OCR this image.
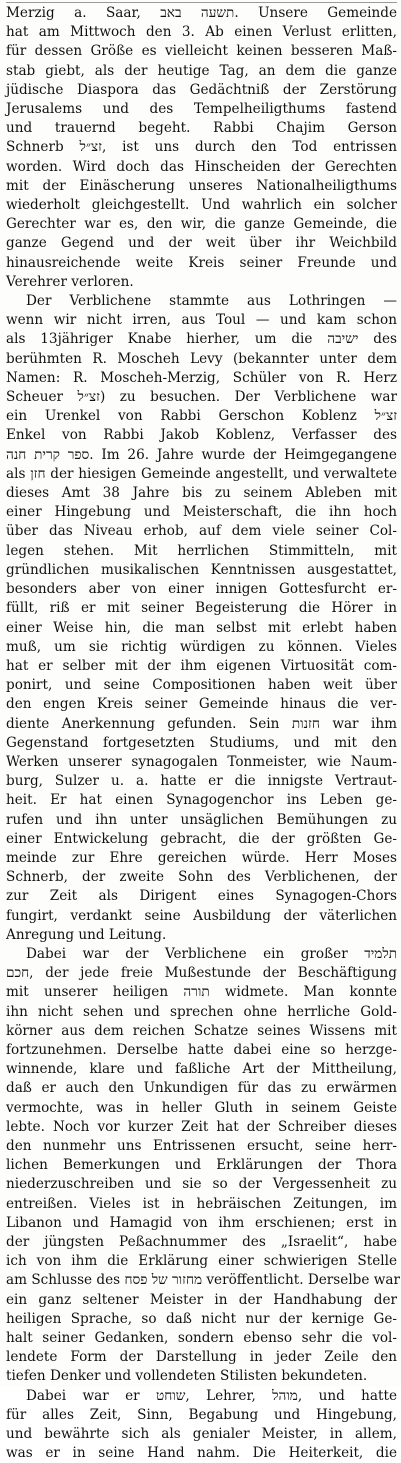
Merzig a. Saar, תשעה באב. Unsere Gemeinde
hat am Mittwoch den 3. Ab einen Verlust erlitten,
für dessen Größe es vielleicht keinen besseren Maß-
stab giebt, als der heutige Tag, an dem die ganze
jüdische Diaspora das Gedächtniß der Zerstörung
Jerusalems und des Tempelheiligthums fastend
und trauernd begeht. Rabbi Chajim Gerson
Schnerb זצ״ל, ist uns durch den Tod entrissen
worden. Wird doch das Hinscheiden der Gerechten
mit der Einäscherung unseres Nationalheiligthums
wiederholt gleichgestellt. Und wahrlich ein solcher
Gerechter war es, den wir, die ganze Gemeinde, die
ganze Gegend und der weit über ihr Weichbild
hinausreichende weite Kreis seiner Freunde und
Verehrer verloren.
Der Verblichene stammte aus Lothringen —
wenn wir nicht irren, aus Toul — und kam schon
als 13jähriger Knabe hierher, um die ישיבה des
berühmten R. Moscheh Levy (bekannter unter dem
Namen: R. Moscheh-Merzig, Schüler von R. Herz
Scheuer זצ״ל) zu besuchen. Der Verblichene war
ein Urenkel von Rabbi Gerschon Koblenz זצ״ל
Enkel von Rabbi Jakob Koblenz, Verfasser des
ספר קרית חנה. Im 26. Jahre wurde der Heimgegangene
als חזן der hiesigen Gemeinde angestellt, und verwaltete
dieses Amt 38 Jahre bis zu seinem Ableben mit
einer Hingebung und Meisterschaft, die ihn hoch
über das Niveau erhob, auf dem viele seiner Col-
legen stehen. Mit herrlichen Stimmitteln, mit
gründlichen musikalischen Kenntnissen ausgestattet,
besonders aber von einer innigen Gottesfurcht er-
füllt, riß er mit seiner Begeisterung die Hörer in
einer Weise hin, die man selbst mit erlebt haben
muß, um sie richtig würdigen zu können. Vieles
hat er selber mit der ihm eigenen Virtuosität com-
ponirt, und seine Compositionen haben weit über
den engen Kreis seiner Gemeinde hinaus die ver-
diente Anerkennung gefunden. Sein חזנות war ihm
Gegenstand fortgesetzten Studiums, und mit den
Werken unserer synagogalen Tonmeister, wie Naum-
burg, Sulzer u. a. hatte er die innigste Vertraut-
heit. Er hat einen Synagogenchor ins Leben ge-
rufen und ihn unter unsäglichen Bemühungen zu
einer Entwickelung gebracht, die der größten Ge-
meinde zur Ehre gereichen würde. Herr Moses
Schnerb, der zweite Sohn des Verblichenen, der
zur Zeit als Dirigent eines Synagogen-Chors
fungirt, verdankt seine Ausbildung der väterlichen
Anregung und Leitung.
Dabei war der Verblichene ein großer תלמיד
חכם, der jede freie Mußestunde der Beschäftigung
mit unserer heiligen תורה widmete. Man konnte
ihn nicht sehen und sprechen ohne herrliche Gold-
körner aus dem reichen Schatze seines Wissens mit
fortzunehmen. Derselbe hatte dabei eine so herzge-
winnende, klare und faßliche Art der Mittheilung,
daß er auch den Unkundigen für das zu erwärmen
vermochte, was in heller Gluth in seinem Geiste
lebte. Noch vor kurzer Zeit hat der Schreiber dieses
den nunmehr uns Entrissenen ersucht, seine herr-
lichen Bemerkungen und Erklärungen der Thora
niederzuschreiben und sie so der Vergessenheit zu
entreißen. Vieles ist in hebräischen Zeitungen, im
Libanon und Hamagid von ihm erschienen; erst in
der jüngsten Peßachnummer des „Israelit“, habe
ich von ihm die Erklärung einer schwierigen Stelle
am Schlusse des מחזור של פסח veröffentlicht. Derselbe war
ein ganz seltener Meister in der Handhabung der
heiligen Sprache, so daß nicht nur der kernige Ge-
halt seiner Gedanken, sondern ebenso sehr die vol-
lendete Form der Darstellung in jeder Zeile den
tiefen Denker und vollendeten Stilisten bekundeten.
Dabei war er שוחט, Lehrer, מוהל, und hatte
für alles Zeit, Sinn, Begabung und Hingebung,
und bewährte sich als genialer Meister, in allem,
was er in seine Hand nahm. Die Heiterkeit, die
